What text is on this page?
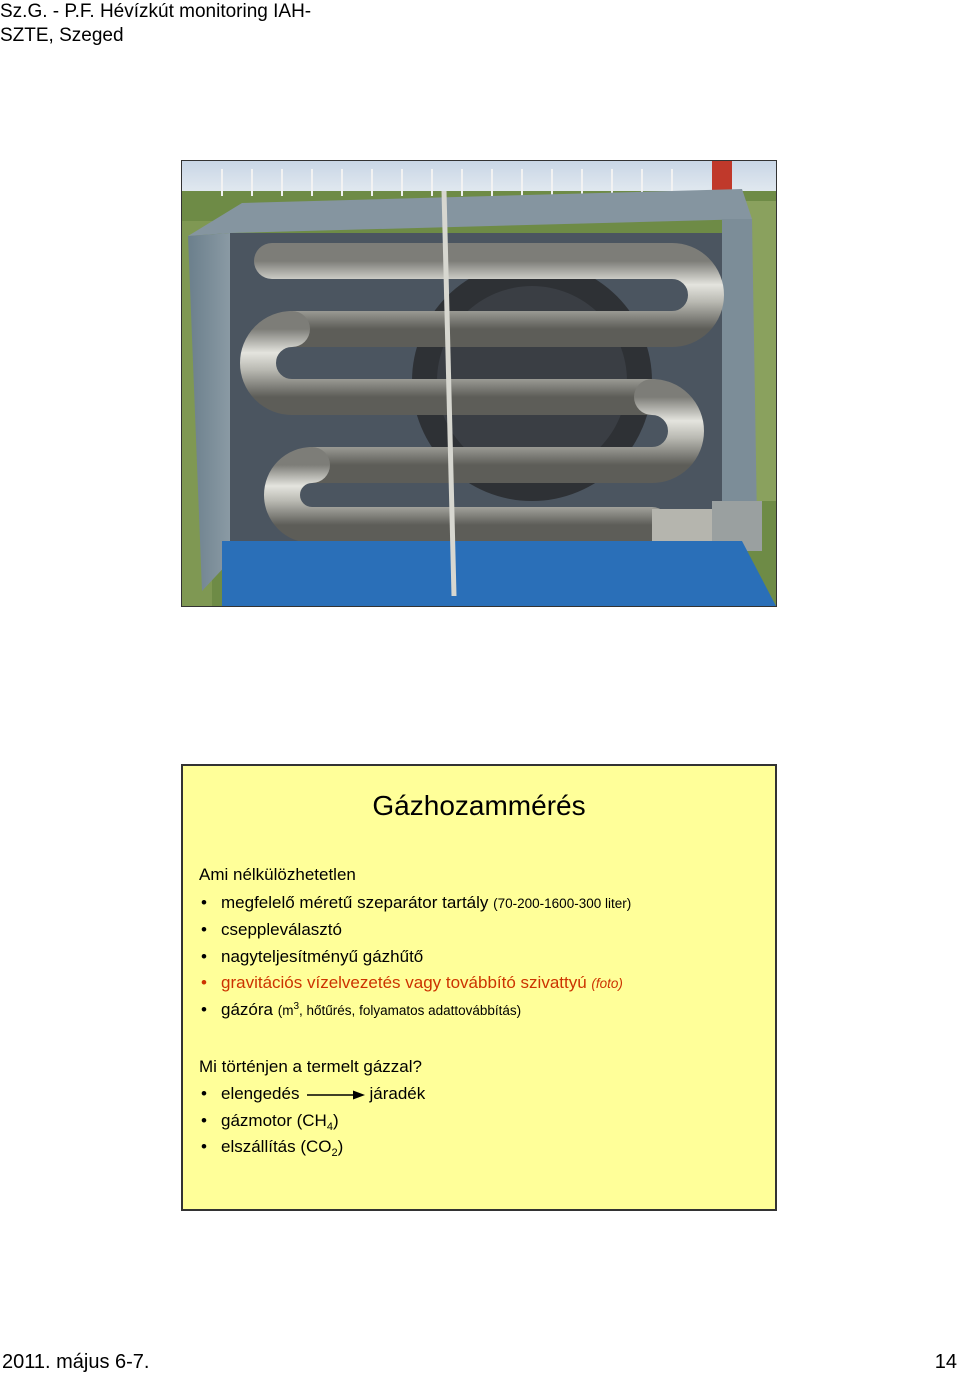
Sz.G. - P.F. Hévízkút monitoring IAH-
SZTE, Szeged
Gázhozammérés
Ami nélkülözhetetlen
• megfelelő méretű szeparátor tartály (70-200-1600-300 liter)
• cseppleválasztó
• nagyteljesítményű gázhűtő
• gravitációs vízelvezetés vagy továbbító szivattyú (foto)
• gázóra ($m^3$, hőtűrés, folyamatos adattovábbítás)
Mi történjen a termelt gázzal?
• elengedés	járadék
• gázmotor $(CH_4)$
• elszállítás $(CO_2)$
2011. május 6-7.	14
